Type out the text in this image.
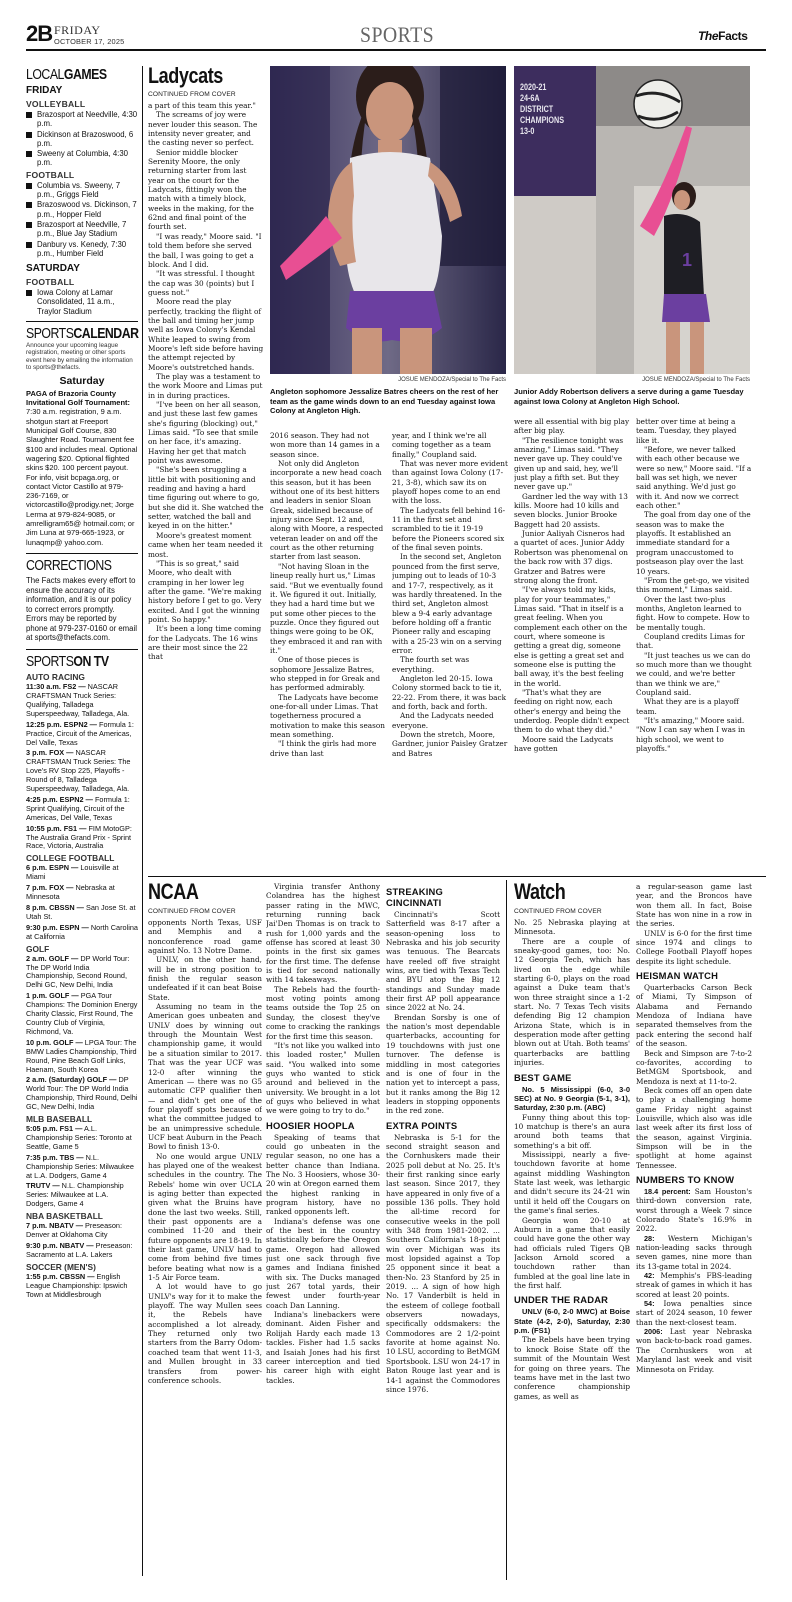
2B FRIDAY
OCTOBER 17, 2025	SPORTS	TheFacts
LOCALGAMES
FRIDAY
VOLLEYBALL
Brazosport at Needville, 4:30 p.m.
Dickinson at Brazoswood, 6 p.m.
Sweeny at Columbia, 4:30 p.m.
FOOTBALL
Columbia vs. Sweeny, 7 p.m., Griggs Field
Brazoswood vs. Dickinson, 7 p.m., Hopper Field
Brazosport at Needville, 7 p.m., Blue Jay Stadium
Danbury vs. Kenedy, 7:30 p.m., Humber Field
SATURDAY
FOOTBALL
Iowa Colony at Lamar Consolidated, 11 a.m., Traylor Stadium
SPORTSCALENDAR
Announce your upcoming league registration, meeting or other sports event here by emailing the information to sports@thefacts.
Saturday
PAGA of Brazoria County Invitational Golf Tournament: 7:30 a.m. registration, 9 a.m. shotgun start at Freeport Municipal Golf Course, 830 Slaughter Road. Tournament fee $100 and includes meal. Optional wagering $20. Optional flighted skins $20. 100 percent payout. For info, visit bcpaga.org, or contact Victor Castillo at 979-236-7169, or victorcastillo@prodigy.net; Jorge Lerma at 979-824-9085, or amrelligram65@ hotmail.com; or Jim Luna at 979-665-1923, or lunaqmp@ yahoo.com.
CORRECTIONS
The Facts makes every effort to ensure the accuracy of its information, and it is our policy to correct errors promptly. Errors may be reported by phone at 979-237-0160 or email at sports@thefacts.com.
SPORTSON TV
AUTO RACING
11:30 a.m. FS2 — NASCAR CRAFTSMAN Truck Series: Qualifying, Talladega Superspeedway, Talladega, Ala.
12:25 p.m. ESPN2 — Formula 1: Practice, Circuit of the Americas, Del Valle, Texas
3 p.m. FOX — NASCAR CRAFTSMAN Truck Series: The Love's RV Stop 225, Playoffs - Round of 8, Talladega Superspeedway, Talladega, Ala.
4:25 p.m. ESPN2 — Formula 1: Sprint Qualifying, Circuit of the Americas, Del Valle, Texas
10:55 p.m. FS1 — FIM MotoGP: The Australia Grand Prix - Sprint Race, Victoria, Australia
COLLEGE FOOTBALL
6 p.m. ESPN — Louisville at Miami
7 p.m. FOX — Nebraska at Minnesota
8 p.m. CBSSN — San Jose St. at Utah St.
9:30 p.m. ESPN — North Carolina at California
GOLF
2 a.m. GOLF — DP World Tour: The DP World India Championship, Second Round, Delhi GC, New Delhi, India
1 p.m. GOLF — PGA Tour Champions: The Dominion Energy Charity Classic, First Round, The Country Club of Virginia, Richmond, Va.
10 p.m. GOLF — LPGA Tour: The BMW Ladies Championship, Third Round, Pine Beach Golf Links, Haenam, South Korea
2 a.m. (Saturday) GOLF — DP World Tour: The DP World India Championship, Third Round, Delhi GC, New Delhi, India
MLB BASEBALL
5:05 p.m. FS1 — A.L. Championship Series: Toronto at Seattle, Game 5
7:35 p.m. TBS — N.L. Championship Series: Milwaukee at L.A. Dodgers, Game 4
TRUTV — N.L. Championship Series: Milwaukee at L.A. Dodgers, Game 4
NBA BASKETBALL
7 p.m. NBATV — Preseason: Denver at Oklahoma City
9:30 p.m. NBATV — Preseason: Sacramento at L.A. Lakers
SOCCER (MEN'S)
1:55 p.m. CBSSN — English League Championship: Ipswich Town at Middlesbrough
Ladycats
CONTINUED FROM COVER

a part of this team this year."

The screams of joy were never louder this season. The intensity never greater, and the casting never so perfect.

Senior middle blocker Serenity Moore, the only returning starter from last year on the court for the Ladycats, fittingly won the match with a timely block, weeks in the making, for the 62nd and final point of the fourth set.

"I was ready," Moore said. "I told them before she served the ball, I was going to get a block. And I did.

"It was stressful. I thought the cap was 30 (points) but I guess not."

Moore read the play perfectly, tracking the flight of the ball and timing her jump well as Iowa Colony's Kendal White leaped to swing from Moore's left side before having the attempt rejected by Moore's outstretched hands.

The play was a testament to the work Moore and Limas put in in during practices.

"I've been on her all season, and just these last few games she's figuring (blocking) out," Limas said. "To see that smile on her face, it's amazing. Having her get that match point was awesome.

"She's been struggling a little bit with positioning and reading and having a hard time figuring out where to go, but she did it. She watched the setter, watched the ball and keyed in on the hitter."

Moore's greatest moment came when her team needed it most.

"This is so great," said Moore, who dealt with cramping in her lower leg after the game. "We're making history before I get to go. Very excited. And I got the winning point. So happy."

It's been a long time coming for the Ladycats. The 16 wins are their most since the 22 that

JOSUE MENDOZA/Special to The Facts
Angleton sophomore Jessalize Batres cheers on the rest of her team as the game winds down to an end Tuesday against Iowa Colony at Angleton High.
1
2020-21
24-6A
DISTRICT CHAMPIONS
13-0
JOSUE MENDOZA/Special to The Facts
Junior Addy Robertson delivers a serve during a game Tuesday against Iowa Colony at Angleton High School.

2016 season. They had not won more than 14 games in a season since.

Not only did Angleton incorporate a new head coach this season, but it has been without one of its best hitters and leaders in senior Sloan Greak, sidelined because of injury since Sept. 12 and, along with Moore, a respected veteran leader on and off the court as the other returning starter from last season.

"Not having Sloan in the lineup really hurt us," Limas said. "But we eventually found it. We figured it out. Initially, they had a hard time but we put some other pieces to the puzzle. Once they figured out things were going to be OK, they embraced it and ran with it."

One of those pieces is sophomore Jessalize Batres, who stepped in for Greak and has performed admirably.

The Ladycats have become one-for-all under Limas. That togetherness procured a motivation to make this season mean something.

"I think the girls had more drive than last

year, and I think we're all coming together as a team finally," Coupland said.

That was never more evident than against Iowa Colony (17-21, 3-8), which saw its on playoff hopes come to an end with the loss.

The Ladycats fell behind 16-11 in the first set and scrambled to tie it 19-19 before the Pioneers scored six of the final seven points.

In the second set, Angleton pounced from the first serve, jumping out to leads of 10-3 and 17-7, respectively, as it was hardly threatened. In the third set, Angleton almost blew a 9-4 early advantage before holding off a frantic Pioneer rally and escaping with a 25-23 win on a serving error.

The fourth set was everything.

Angleton led 20-15. Iowa Colony stormed back to tie it, 22-22. From there, it was back and forth, back and forth.

And the Ladycats needed everyone.

Down the stretch, Moore, Gardner, junior Paisley Gratzer and Batres

were all essential with big play after big play.

"The resilience tonight was amazing," Limas said. "They never gave up. They could've given up and said, hey, we'll just play a fifth set. But they never gave up."

Gardner led the way with 13 kills. Moore had 10 kills and seven blocks. Junior Brooke Baggett had 20 assists.

Junior Aaliyah Cisneros had a quartet of aces. Junior Addy Robertson was phenomenal on the back row with 37 digs. Gratzer and Batres were strong along the front.

"I've always told my kids, play for your teammates," Limas said. "That in itself is a great feeling. When you complement each other on the court, where someone is getting a great dig, someone else is getting a great set and someone else is putting the ball away, it's the best feeling in the world.

"That's what they are feeding on right now, each other's energy and being the underdog. People didn't expect them to do what they did."

Moore said the Ladycats have gotten

better over time at being a team. Tuesday, they played like it.

"Before, we never talked with each other because we were so new," Moore said. "If a ball was set high, we never said anything. We'd just go with it. And now we correct each other."

The goal from day one of the season was to make the playoffs. It established an immediate standard for a program unaccustomed to postseason play over the last 10 years.

"From the get-go, we visited this moment," Limas said.

Over the last two-plus months, Angleton learned to fight. How to compete. How to be mentally tough.

Coupland credits Limas for that.

"It just teaches us we can do so much more than we thought we could, and we're better than we think we are," Coupland said.

What they are is a playoff team.

"It's amazing," Moore said. "Now I can say when I was in high school, we went to playoffs."

NCAA
CONTINUED FROM COVER

opponents North Texas, USF and Memphis and a nonconference road game against No. 13 Notre Dame.

UNLV, on the other hand, will be in strong position to finish the regular season undefeated if it can beat Boise State.

Assuming no team in the American goes unbeaten and UNLV does by winning out through the Mountain West championship game, it would be a situation similar to 2017. That was the year UCF was 12-0 after winning the American — there was no G5 automatic CFP qualifier then — and didn't get one of the four playoff spots because of what the committee judged to be an unimpressive schedule. UCF beat Auburn in the Peach Bowl to finish 13-0.

No one would argue UNLV has played one of the weakest schedules in the country. The Rebels' home win over UCLA is aging better than expected given what the Bruins have done the last two weeks. Still, their past opponents are a combined 11-20 and their future opponents are 18-19. In their last game, UNLV had to come from behind five times before beating what now is a 1-5 Air Force team.

A lot would have to go UNLV's way for it to make the playoff. The way Mullen sees it, the Rebels have accomplished a lot already. They returned only two starters from the Barry Odom-coached team that went 11-3, and Mullen brought in 33 transfers from power-conference schools.

Virginia transfer Anthony Colandrea has the highest passer rating in the MWC, returning running back Jai'Den Thomas is on track to rush for 1,000 yards and the offense has scored at least 30 points in the first six games for the first time. The defense is tied for second nationally with 14 takeaways.

The Rebels had the fourth-most voting points among teams outside the Top 25 on Sunday, the closest they've come to cracking the rankings for the first time this season.

"It's not like you walked into this loaded roster," Mullen said. "You walked into some guys who wanted to stick around and believed in the university. We brought in a lot of guys who believed in what we were going to try to do."

HOOSIER HOOPLA

Speaking of teams that could go unbeaten in the regular season, no one has a better chance than Indiana. The No. 3 Hoosiers, whose 30-20 win at Oregon earned them the highest ranking in program history, have no ranked opponents left.

Indiana's defense was one of the best in the country statistically before the Oregon game. Oregon had allowed just one sack through five games and Indiana finished with six. The Ducks managed just 267 total yards, their fewest under fourth-year coach Dan Lanning.

Indiana's linebackers were dominant. Aiden Fisher and Rolijah Hardy each made 13 tackles. Fisher had 1.5 sacks and Isaiah Jones had his first career interception and tied his career high with eight tackles.

STREAKING CINCINNATI

Cincinnati's Scott Satterfield was 8-17 after a season-opening loss to Nebraska and his job security was tenuous. The Bearcats have reeled off five straight wins, are tied with Texas Tech and BYU atop the Big 12 standings and Sunday made their first AP poll appearance since 2022 at No. 24.

Brendan Sorsby is one of the nation's most dependable quarterbacks, accounting for 19 touchdowns with just one turnover. The defense is middling in most categories and is one of four in the nation yet to intercept a pass, but it ranks among the Big 12 leaders in stopping opponents in the red zone.

EXTRA POINTS

Nebraska is 5-1 for the second straight season and the Cornhuskers made their 2025 poll debut at No. 25. It's their first ranking since early last season. Since 2017, they have appeared in only five of a possible 136 polls. They hold the all-time record for consecutive weeks in the poll with 348 from 1981-2002. ... Southern California's 18-point win over Michigan was its most lopsided against a Top 25 opponent since it beat a then-No. 23 Stanford by 25 in 2019. ... A sign of how high No. 17 Vanderbilt is held in the esteem of college football observers nowadays, specifically oddsmakers: the Commodores are 2 1/2-point favorite at home against No. 10 LSU, according to BetMGM Sportsbook. LSU won 24-17 in Baton Rouge last year and is 14-1 against the Commodores since 1976.

Watch
CONTINUED FROM COVER

No. 25 Nebraska playing at Minnesota.

There are a couple of sneaky-good games, too: No. 12 Georgia Tech, which has lived on the edge while starting 6-0, plays on the road against a Duke team that's won three straight since a 1-2 start. No. 7 Texas Tech visits defending Big 12 champion Arizona State, which is in desperation mode after getting blown out at Utah. Both teams' quarterbacks are battling injuries.

BEST GAME
No. 5 Mississippi (6-0, 3-0 SEC) at No. 9 Georgia (5-1, 3-1), Saturday, 2:30 p.m. (ABC)

Funny thing about this top-10 matchup is there's an aura around both teams that something's a bit off.

Mississippi, nearly a five-touchdown favorite at home against middling Washington State last week, was lethargic and didn't secure its 24-21 win until it held off the Cougars on the game's final series.

Georgia won 20-10 at Auburn in a game that easily could have gone the other way had officials ruled Tigers QB Jackson Arnold scored a touchdown rather than fumbled at the goal line late in the first half.

UNDER THE RADAR
UNLV (6-0, 2-0 MWC) at Boise State (4-2, 2-0), Saturday, 2:30 p.m. (FS1)

The Rebels have been trying to knock Boise State off the summit of the Mountain West for going on three years. The teams have met in the last two conference championship games, as well as

a regular-season game last year, and the Broncos have won them all. In fact, Boise State has won nine in a row in the series.

UNLV is 6-0 for the first time since 1974 and clings to College Football Playoff hopes despite its light schedule.

HEISMAN WATCH

Quarterbacks Carson Beck of Miami, Ty Simpson of Alabama and Fernando Mendoza of Indiana have separated themselves from the pack entering the second half of the season.

Beck and Simpson are 7-to-2 co-favorites, according to BetMGM Sportsbook, and Mendoza is next at 11-to-2.

Beck comes off an open date to play a challenging home game Friday night against Louisville, which also was idle last week after its first loss of the season, against Virginia. Simpson will be in the spotlight at home against Tennessee.

NUMBERS TO KNOW

18.4 percent: Sam Houston's third-down conversion rate, worst through a Week 7 since Colorado State's 16.9% in 2022.

28: Western Michigan's nation-leading sacks through seven games, nine more than its 13-game total in 2024.

42: Memphis's FBS-leading streak of games in which it has scored at least 20 points.

54: Iowa penalties since start of 2024 season, 10 fewer than the next-closest team.

2006: Last year Nebraska won back-to-back road games. The Cornhuskers won at Maryland last week and visit Minnesota on Friday.
